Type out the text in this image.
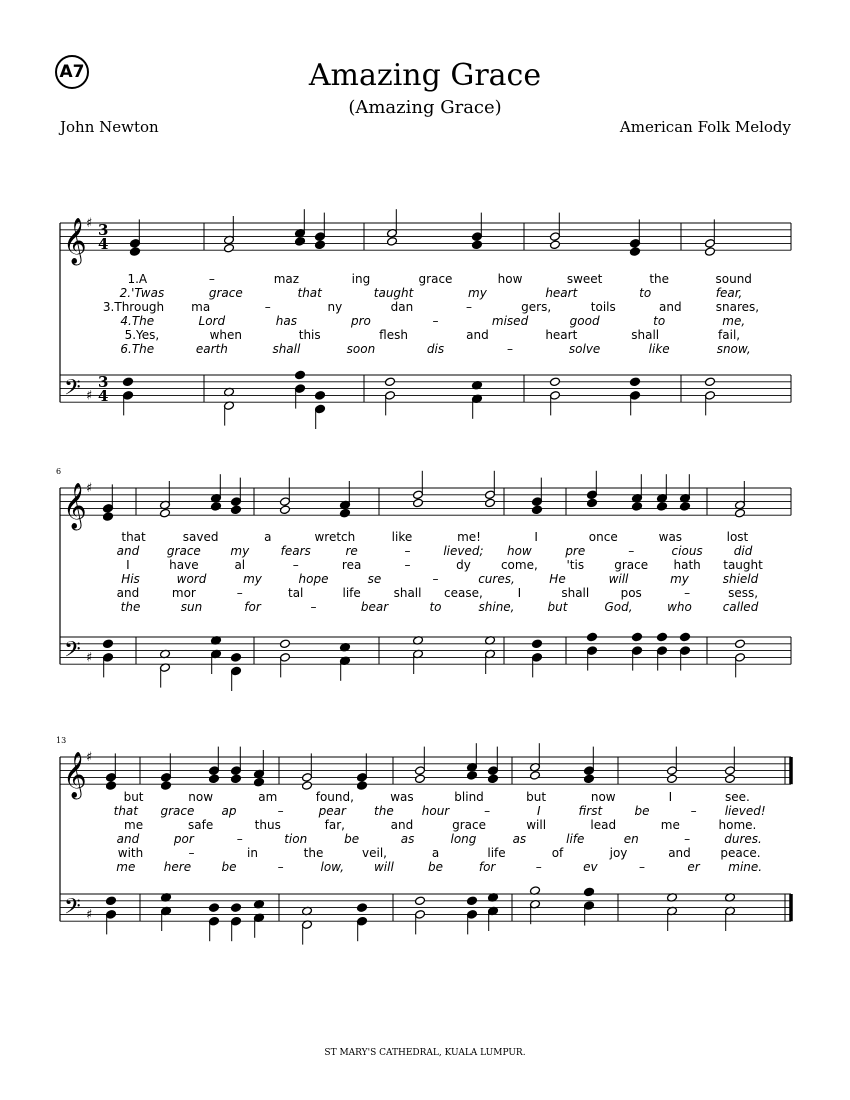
A7	Amazing Grace
(Amazing Grace)
John Newton	American Folk Melody
𝄞
𝄢
♯
♯
3
4
3
4
1.A	–	maz	ing	grace	how	sweet	the	sound
2.'Twas	grace	that	taught	my	heart	to	fear,
3.Through ma	–	ny	dan	–	gers,	toils	and	snares,
4.The	Lord	has	pro	–	mised	good	to	me,
5.Yes,	when	this	flesh	and	heart	shall	fail,
6.The	earth	shall	soon	dis	–	solve	like	snow,
𝄞
𝄢
♯
♯
6
that	saved	a	wretch	like	me!	I	once	was	lost
and grace my	fears	re	–	lieved; how	pre	–	cious	did
I	have	al	–	rea	–	dy	come, 'tis	grace hath taught
His	word	my	hope	se	–	cures,	He	will	my	shield
and	mor	–	tal	life	shall cease,	I	shall	pos	–	sess,
the	sun	for	–	bear	to	shine,	but	God,	who	called
𝄞
𝄢
♯
♯
13
but	now	am	found,	was	blind	but	now	I	see.
that grace ap	–	pear the hour	–	I	first	be	– lieved!
me	safe	thus	far,	and	grace	will	lead	me	home.
and	por	–	tion	be	as	long	as	life	en	–	dures.
with	–	in	the	veil,	a	life	of	joy	and peace.
me here	be	–	low, will	be	for	–	ev	–	er mine.
ST MARY'S CATHEDRAL, KUALA LUMPUR.
